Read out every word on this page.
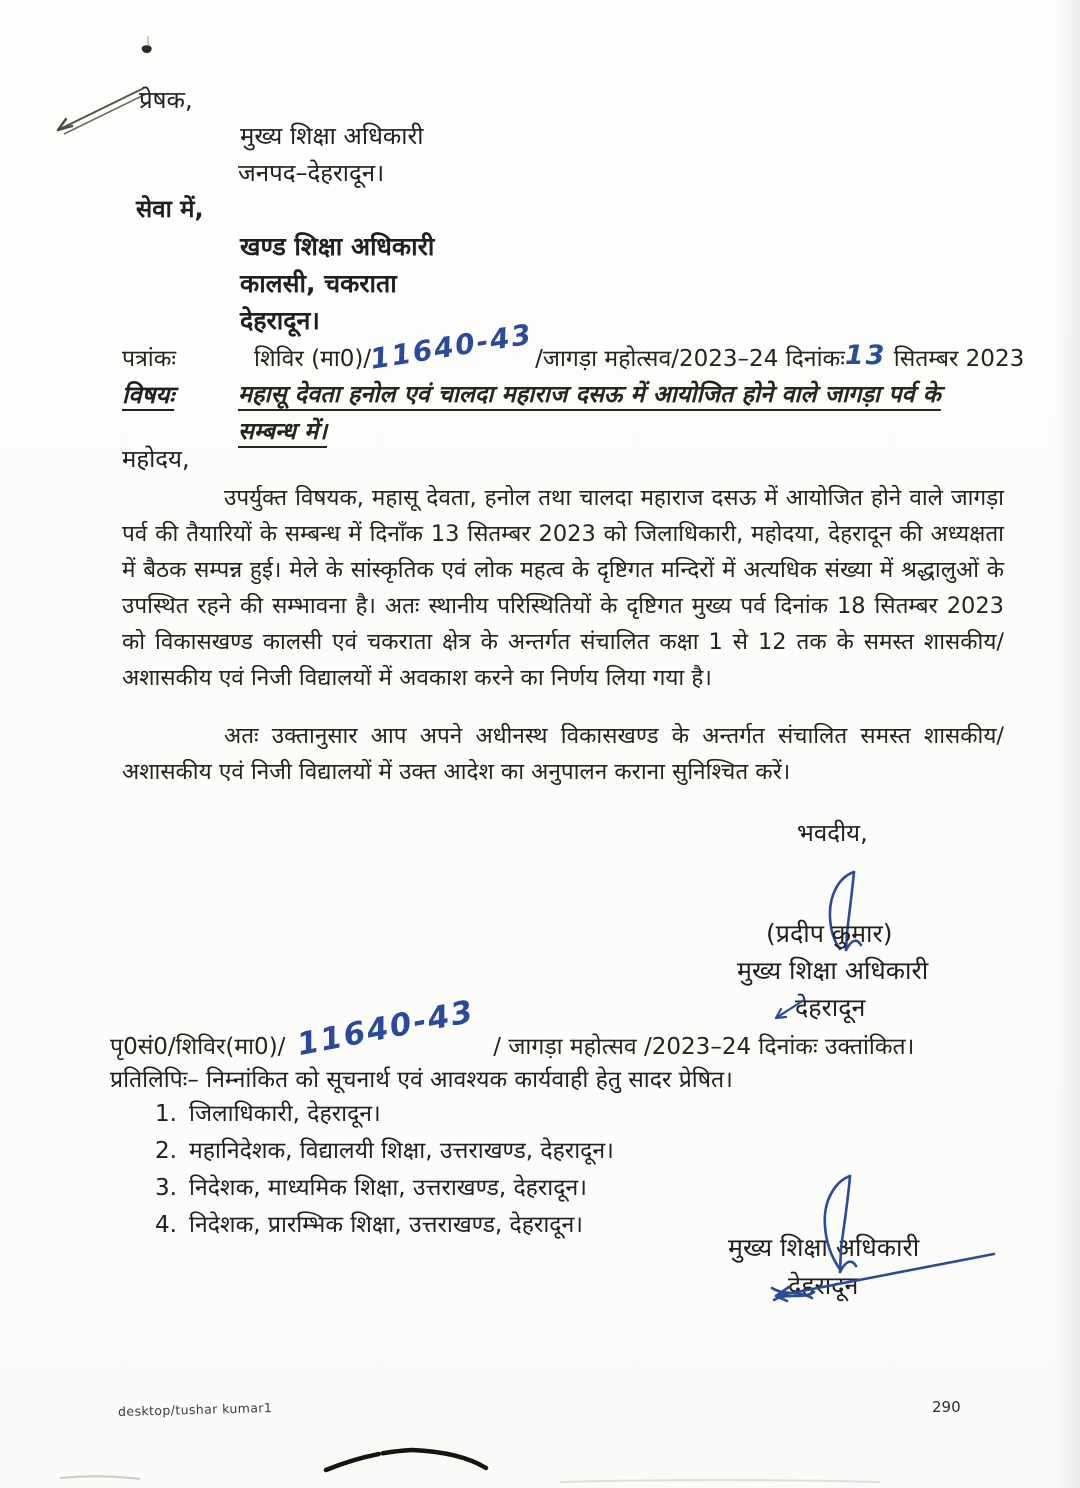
प्रेषक,
मुख्य शिक्षा अधिकारी
जनपद–देहरादून।
सेवा में,
खण्ड शिक्षा अधिकारी
कालसी, चकराता
देहरादून।
पत्रांकः	शिविर (मा0)/11640-43/जागड़ा महोत्सव/2023–24 दिनांकः13 सितम्बर 2023
विषयः	महासू देवता हनोल एवं चालदा महाराज दसऊ में आयोजित होने वाले जागड़ा पर्व के सम्बन्ध में।
महोदय,
उपर्युक्त विषयक, महासू देवता, हनोल तथा चालदा महाराज दसऊ में आयोजित होने वाले जागड़ा पर्व की तैयारियों के सम्बन्ध में दिनाँक 13 सितम्बर 2023 को जिलाधिकारी, महोदया, देहरादून की अध्यक्षता में बैठक सम्पन्न हुई। मेले के सांस्कृतिक एवं लोक महत्व के दृष्टिगत मन्दिरों में अत्यधिक संख्या में श्रद्धालुओं के उपस्थित रहने की सम्भावना है। अतः स्थानीय परिस्थितियों के दृष्टिगत मुख्य पर्व दिनांक 18 सितम्बर 2023 को विकासखण्ड कालसी एवं चकराता क्षेत्र के अन्तर्गत संचालित कक्षा 1 से 12 तक के समस्त शासकीय/अशासकीय एवं निजी विद्यालयों में अवकाश करने का निर्णय लिया गया है।
अतः उक्तानुसार आप अपने अधीनस्थ विकासखण्ड के अन्तर्गत संचालित समस्त शासकीय/अशासकीय एवं निजी विद्यालयों में उक्त आदेश का अनुपालन कराना सुनिश्चित करें।
भवदीय,
(प्रदीप कुमार)
मुख्य शिक्षा अधिकारी
देहरादून
पृ0सं0/शिविर(मा0)/ 11640-43 / जागड़ा महोत्सव /2023–24 दिनांकः उक्तांकित।
प्रतिलिपिः– निम्नांकित को सूचनार्थ एवं आवश्यक कार्यवाही हेतु सादर प्रेषित।
1. जिलाधिकारी, देहरादून।
2. महानिदेशक, विद्यालयी शिक्षा, उत्तराखण्ड, देहरादून।
3. निदेशक, माध्यमिक शिक्षा, उत्तराखण्ड, देहरादून।
4. निदेशक, प्रारम्भिक शिक्षा, उत्तराखण्ड, देहरादून।
मुख्य शिक्षा अधिकारी
देहरादून
desktop/tushar kumar1	290
